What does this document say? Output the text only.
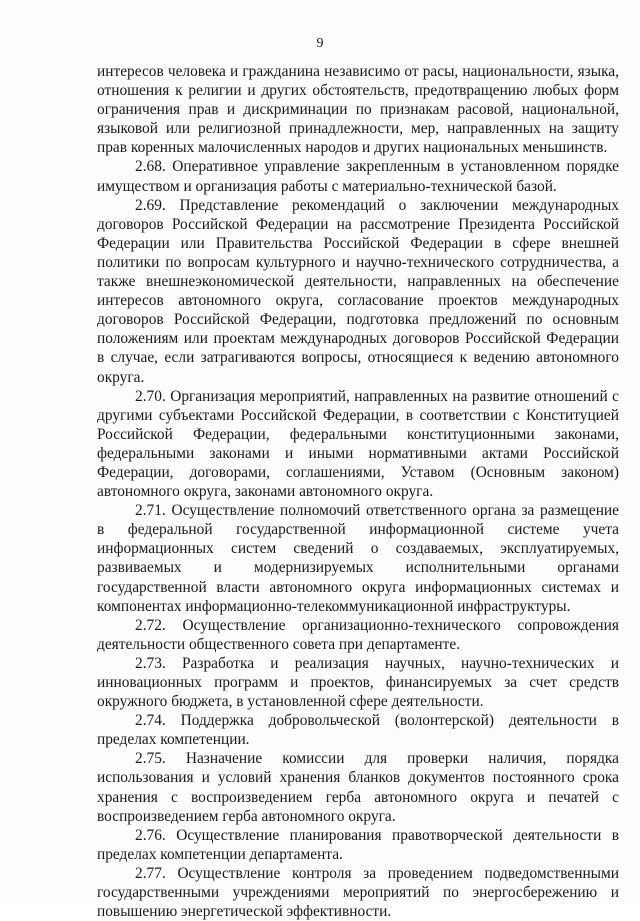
9

интересов человека и гражданина независимо от расы, национальности, языка, отношения к религии и других обстоятельств, предотвращению любых форм ограничения прав и дискриминации по признакам расовой, национальной, языковой или религиозной принадлежности, мер, направленных на защиту прав коренных малочисленных народов и других национальных меньшинств.

2.68. Оперативное управление закрепленным в установленном порядке имуществом и организация работы с материально-технической базой.

2.69. Представление рекомендаций о заключении международных договоров Российской Федерации на рассмотрение Президента Российской Федерации или Правительства Российской Федерации в сфере внешней политики по вопросам культурного и научно-технического сотрудничества, а также внешнеэкономической деятельности, направленных на обеспечение интересов автономного округа, согласование проектов международных договоров Российской Федерации, подготовка предложений по основным положениям или проектам международных договоров Российской Федерации в случае, если затрагиваются вопросы, относящиеся к ведению автономного округа.

2.70. Организация мероприятий, направленных на развитие отношений с другими субъектами Российской Федерации, в соответствии с Конституцией Российской Федерации, федеральными конституционными законами, федеральными законами и иными нормативными актами Российской Федерации, договорами, соглашениями, Уставом (Основным законом) автономного округа, законами автономного округа.

2.71. Осуществление полномочий ответственного органа за размещение в федеральной государственной информационной системе учета информационных систем сведений о создаваемых, эксплуатируемых, развиваемых и модернизируемых исполнительными органами государственной власти автономного округа информационных системах и компонентах информационно-телекоммуникационной инфраструктуры.

2.72. Осуществление организационно-технического сопровождения деятельности общественного совета при департаменте.

2.73. Разработка и реализация научных, научно-технических и инновационных программ и проектов, финансируемых за счет средств окружного бюджета, в установленной сфере деятельности.

2.74. Поддержка добровольческой (волонтерской) деятельности в пределах компетенции.

2.75. Назначение комиссии для проверки наличия, порядка использования и условий хранения бланков документов постоянного срока хранения с воспроизведением герба автономного округа и печатей с воспроизведением герба автономного округа.

2.76. Осуществление планирования правотворческой деятельности в пределах компетенции департамента.

2.77. Осуществление контроля за проведением подведомственными государственными учреждениями мероприятий по энергосбережению и повышению энергетической эффективности.
